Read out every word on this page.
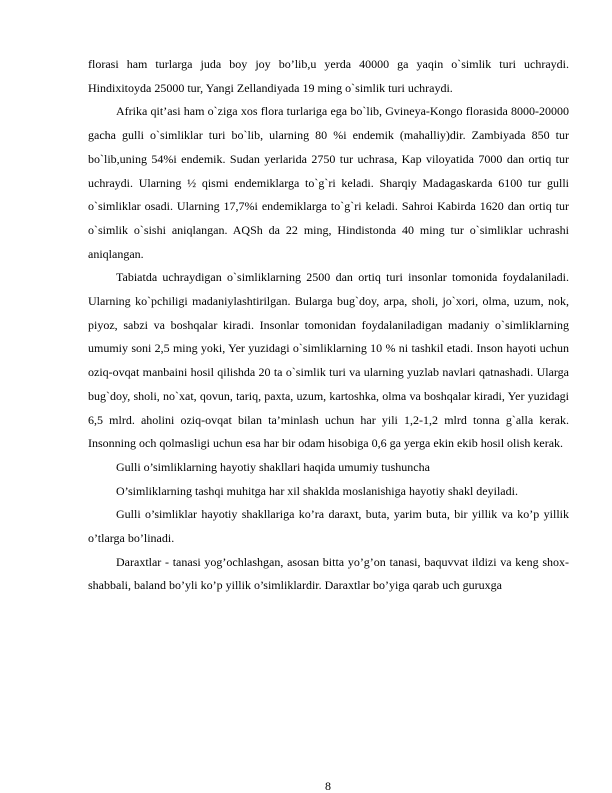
florasi ham turlarga juda boy joy bo’lib,u yerda 40000 ga yaqin o`simlik turi uchraydi. Hindixitoyda 25000 tur, Yangi Zellandiyada 19 ming o`simlik turi uchraydi.

Afrika qit’asi ham o`ziga xos flora turlariga ega bo`lib, Gvineya-Kongo florasida 8000-20000 gacha gulli o`simliklar turi bo`lib, ularning 80 %i endemik (mahalliy)dir. Zambiyada 850 tur bo`lib,uning 54%i endemik. Sudan yerlarida 2750 tur uchrasa, Kap viloyatida 7000 dan ortiq tur uchraydi. Ularning ½ qismi endemiklarga to`g`ri keladi. Sharqiy Madagaskarda 6100 tur gulli o`simliklar osadi. Ularning 17,7%i endemiklarga to`g`ri keladi. Sahroi Kabirda 1620 dan ortiq tur o`simlik o`sishi aniqlangan. AQSh da 22 ming, Hindistonda 40 ming tur o`simliklar uchrashi aniqlangan.

Tabiatda uchraydigan o`simliklarning 2500 dan ortiq turi insonlar tomonida foydalaniladi. Ularning ko`pchiligi madaniylashtirilgan. Bularga bug`doy, arpa, sholi, jo`xori, olma, uzum, nok, piyoz, sabzi va boshqalar kiradi. Insonlar tomonidan foydalaniladigan madaniy o`simliklarning umumiy soni 2,5 ming yoki, Yer yuzidagi o`simliklarning 10 % ni tashkil etadi. Inson hayoti uchun oziq-ovqat manbaini hosil qilishda 20 ta o`simlik turi va ularning yuzlab navlari qatnashadi. Ularga bug`doy, sholi, no`xat, qovun, tariq, paxta, uzum, kartoshka, olma va boshqalar kiradi, Yer yuzidagi 6,5 mlrd. aholini oziq-ovqat bilan ta’minlash uchun har yili 1,2-1,2 mlrd tonna g`alla kerak. Insonning och qolmasligi uchun esa har bir odam hisobiga 0,6 ga yerga ekin ekib hosil olish kerak.

Gulli o’simliklarning hayotiy shakllari haqida umumiy tushuncha

O’simliklarning tashqi muhitga har xil shaklda moslanishiga hayotiy shakl deyiladi.

Gulli o’simliklar hayotiy shakllariga ko’ra daraxt, buta, yarim buta, bir yillik va ko’p yillik o’tlarga bo’linadi.

Daraxtlar - tanasi yog’ochlashgan, asosan bitta yo’g’on tanasi, baquvvat ildizi va keng shox-shabbali, baland bo’yli ko’p yillik o’simliklardir. Daraxtlar bo’yiga qarab uch guruxga

8
